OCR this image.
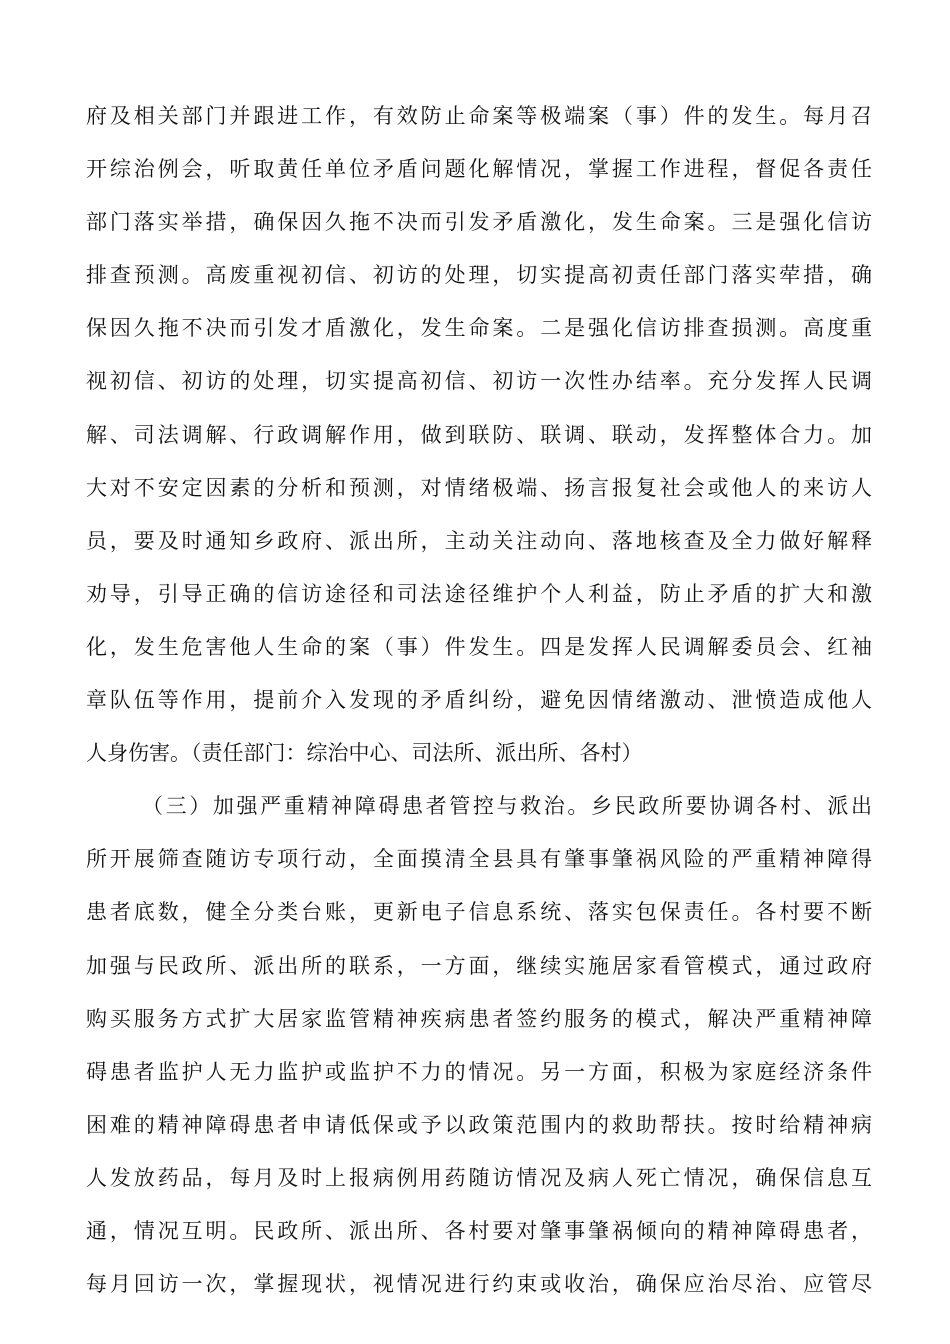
府及相关部门并跟进工作，有效防止命案等极端案（事）件的发生。每月召
开综治例会，听取黄任单位矛盾问题化解情况，掌握工作进程，督促各责任
部门落实举措，确保因久拖不决而引发矛盾激化，发生命案。三是强化信访
排查预测。高废重视初信、初访的处理，切实提高初责任部门落实荦措，确
保因久拖不决而引发才盾激化，发生命案。二是强化信访排查损测。高度重
视初信、初访的处理，切实提高初信、初访一次性办结率。充分发挥人民调
解、司法调解、行政调解作用，做到联防、联调、联动，发挥整体合力。加
大对不安定因素的分析和预测，对情绪极端、扬言报复社会或他人的来访人
员，要及时通知乡政府、派出所，主动关注动向、落地核查及全力做好解释
劝导，引导正确的信访途径和司法途径维护个人利益，防止矛盾的扩大和激
化，发生危害他人生命的案（事）件发生。四是发挥人民调解委员会、红袖
章队伍等作用，提前介入发现的矛盾纠纷，避免因情绪激动、泄愤造成他人
人身伤害。（责任部门：综治中心、司法所、派出所、各村）
（三）加强严重精神障碍患者管控与救治。乡民政所要协调各村、派出
所开展筛查随访专项行动，全面摸清全县具有肇事肇祸风险的严重精神障得
患者底数，健全分类台账，更新电子信息系统、落实包保责任。各村要不断
加强与民政所、派出所的联系，一方面，继续实施居家看管模式，通过政府
购买服务方式扩大居家监管精神疾病患者签约服务的模式，解决严重精神障
碍患者监护人无力监护或监护不力的情况。另一方面，积极为家庭经济条件
困难的精神障碍患者申请低保或予以政策范围内的救助帮扶。按时给精神病
人发放药品，每月及时上报病例用药随访情况及病人死亡情况，确保信息互
通，情况互明。民政所、派出所、各村要对肇事肇祸倾向的精神障碍患者，
每月回访一次，掌握现状，视情况进行约束或收治，确保应治尽治、应管尽
